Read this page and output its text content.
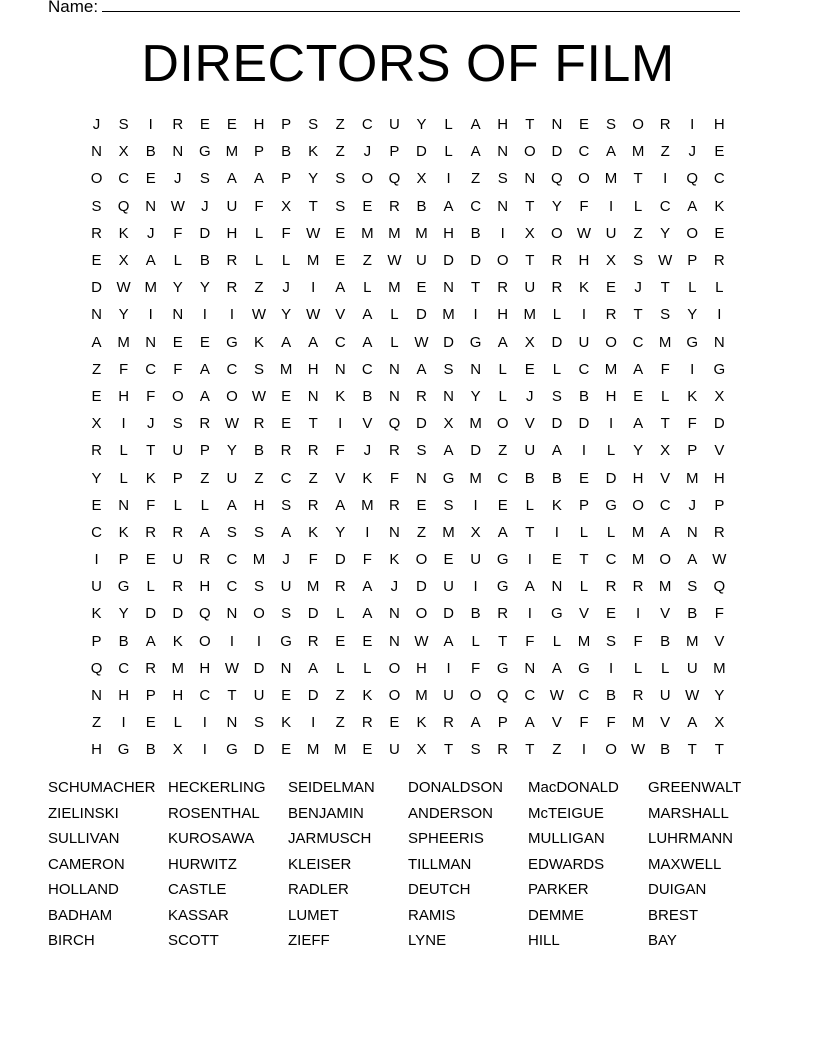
Name:
DIRECTORS OF FILM
J	S	I	R	E	E	H	P	S	Z	C	U	Y	L	A	H	T	N	E	S	O	R	I	H
N	X	B	N	G M	P	B	K	Z	J	P	D	L	A	N	O	D	C	A	M	Z	J	E
O	C	E	J	S	A	A	P	Y	S	O	Q	X	I	Z	S	N	Q	O M	T	I	Q	C
S	Q	N W	J	U	F	X	T	S	E	R	B	A	C	N	T	Y	F	I	L	C	A	K
R	K	J	F	D	H	L	F	W E	M M M	H	B	I	X	O W U	Z	Y	O	E
E	X	A	L	B	R	L	L	M	E	Z	W U	D	D	O	T	R	H	X	S W P	R
D W M	Y	Y	R	Z	J	I	A	L	M	E	N	T	R	U	R	K	E	J	T	L	L
N	Y	I	N	I	I	W Y W V	A	L	D	M	I	H	M	L	I	R	T	S	Y	I
A	M	N	E	E	G	K	A	A	C	A	L	W D	G	A	X	D	U	O	C	M	G	N
Z	F	C	F	A	C	S	M	H	N	C	N	A	S	N	L	E	L	C	M	A	F	I	G
E	H	F	O	A	O W E	N	K	B	N	R	N	Y	L	J	S	B	H	E	L	K	X
X	I	J	S	R W R	E	T	I	V	Q	D	X	M	O	V	D	D	I	A	T	F	D
R	L	T	U	P	Y	B	R	R	F	J	R	S	A	D	Z	U	A	I	L	Y	X	P	V
Y	L	K	P	Z	U	Z	C	Z	V	K	F	N	G M	C	B	B	E	D	H	V	M	H
E	N	F	L	L	A	H	S	R	A	M	R	E	S	I	E	L	K	P	G	O	C	J	P
C	K	R	R	A	S	S	A	K	Y	I	N	Z	M	X	A	T	I	L	L	M	A	N	R
I	P	E	U	R	C	M	J	F	D	F	K	O	E	U	G	I	E	T	C	M	O	A W
U	G	L	R	H	C	S	U	M	R	A	J	D	U	I	G	A	N	L	R	R	M	S	Q
K	Y	D	D	Q	N	O	S	D	L	A	N	O	D	B	R	I	G	V	E	I	V	B	F
P	B	A	K	O	I	I	G	R	E	E	N W A	L	T	F	L	M	S	F	B	M	V
Q	C	R	M	H W D	N	A	L	L	O	H	I	F	G	N	A	G	I	L	L	U	M
N	H	P	H	C	T	U	E	D	Z	K	O M	U	O	Q	C W C	B	R	U W Y
Z	I	E	L	I	N	S	K	I	Z	R	E	K	R	A	P	A	V	F	F	M	V	A	X
H	G	B	X	I	G	D	E	M M	E	U	X	T	S	R	T	Z	I	O W B	T	T
SCHUMACHER HECKERLING	SEIDELMAN	DONALDSON	MacDONALD	GREENWALT
ZIELINSKI	ROSENTHAL	BENJAMIN	ANDERSON	McTEIGUE	MARSHALL
SULLIVAN	KUROSAWA	JARMUSCH	SPHEERIS	MULLIGAN	LUHRMANN
CAMERON	HURWITZ	KLEISER	TILLMAN	EDWARDS	MAXWELL
HOLLAND	CASTLE	RADLER	DEUTCH	PARKER	DUIGAN
BADHAM	KASSAR	LUMET	RAMIS	DEMME	BREST
BIRCH	SCOTT	ZIEFF	LYNE	HILL	BAY
